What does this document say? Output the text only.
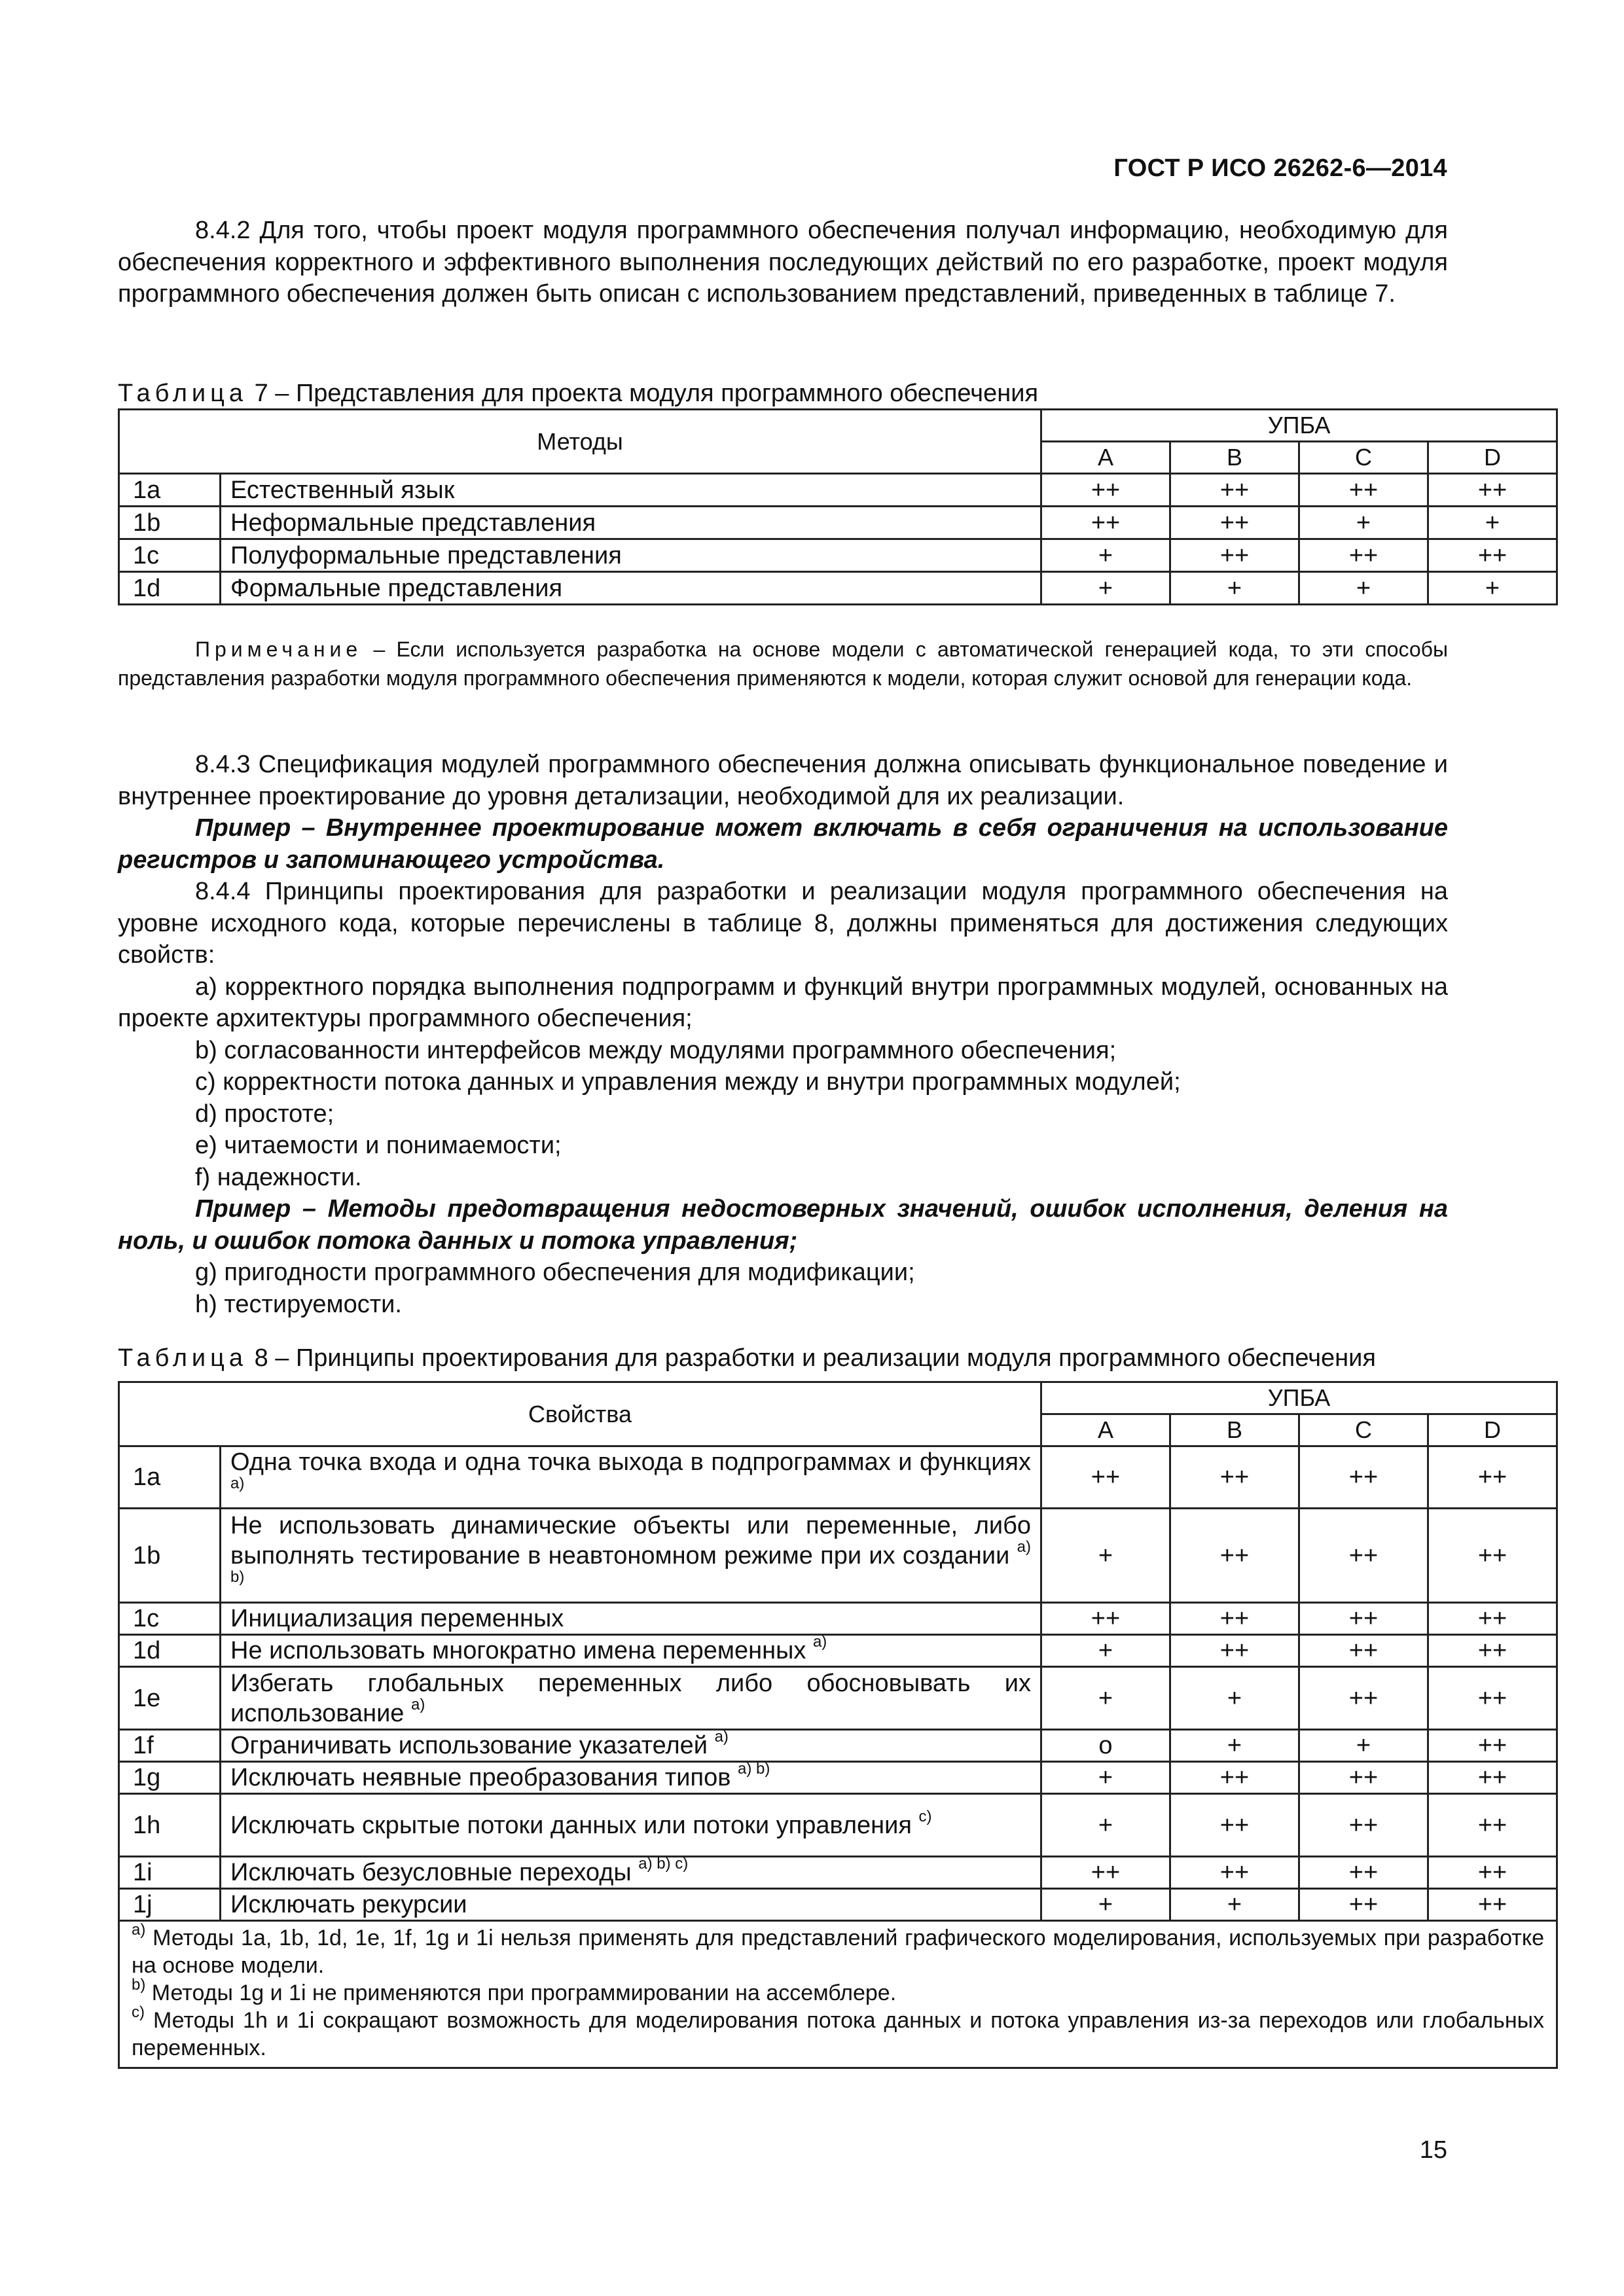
ГОСТ Р ИСО 26262-6—2014

8.4.2 Для того, чтобы проект модуля программного обеспечения получал информацию, необходимую для обеспечения корректного и эффективного выполнения последующих действий по его разработке, проект модуля программного обеспечения должен быть описан с использованием представлений, приведенных в таблице 7.

Таблица 7 – Представления для проекта модуля программного обеспечения

Методы		УПБА			
		A	B	C	D
1a	Естественный язык	++	++	++	++
1b	Неформальные представления	++	++	+	+
1c	Полуформальные представления	+	++	++	++
1d	Формальные представления	+	+	+	+

Примечание – Если используется разработка на основе модели с автоматической генерацией кода, то эти способы представления разработки модуля программного обеспечения применяются к модели, которая служит основой для генерации кода.

8.4.3 Спецификация модулей программного обеспечения должна описывать функциональное поведение и внутреннее проектирование до уровня детализации, необходимой для их реализации.

Пример – Внутреннее проектирование может включать в себя ограничения на использование регистров и запоминающего устройства.

8.4.4 Принципы проектирования для разработки и реализации модуля программного обеспечения на уровне исходного кода, которые перечислены в таблице 8, должны применяться для достижения следующих свойств:

a) корректного порядка выполнения подпрограмм и функций внутри программных модулей, основанных на проекте архитектуры программного обеспечения;

b) согласованности интерфейсов между модулями программного обеспечения;

c) корректности потока данных и управления между и внутри программных модулей;

d) простоте;

e) читаемости и понимаемости;

f) надежности.

Пример – Методы предотвращения недостоверных значений, ошибок исполнения, деления на ноль, и ошибок потока данных и потока управления;

g) пригодности программного обеспечения для модификации;

h) тестируемости.

Таблица 8 – Принципы проектирования для разработки и реализации модуля программного обеспечения

Свойства		УПБА			
		A	B	C	D
1a	Одна точка входа и одна точка выхода в подпрограммах и функциях $^{a)}$	++	++	++	++
1b	Не использовать динамические объекты или переменные, либо выполнять тестирование в неавтономном режиме при их создании $^{a) b)}$	+	++	++	++
1c	Инициализация переменных	++	++	++	++
1d	Не использовать многократно имена переменных $^{a)}$	+	++	++	++
1e	Избегать глобальных переменных либо обосновывать их использование $^{a)}$	+	+	++	++
1f	Ограничивать использование указателей $^{a)}$	o	+	+	++
1g	Исключать неявные преобразования типов $^{a) b)}$	+	++	++	++
1h	Исключать скрытые потоки данных или потоки управления $^{c)}$	+	++	++	++
1i	Исключать безусловные переходы $^{a) b) c)}$	++	++	++	++
1j	Исключать рекурсии	+	+	++	++

$^{a)}$ Методы 1a, 1b, 1d, 1e, 1f, 1g и 1i нельзя применять для представлений графического моделирования, используемых при разработке на основе модели.
$^{b)}$ Методы 1g и 1i не применяются при программировании на ассемблере.
$^{c)}$ Методы 1h и 1i сокращают возможность для моделирования потока данных и потока управления из-за переходов или глобальных переменных.					
15
